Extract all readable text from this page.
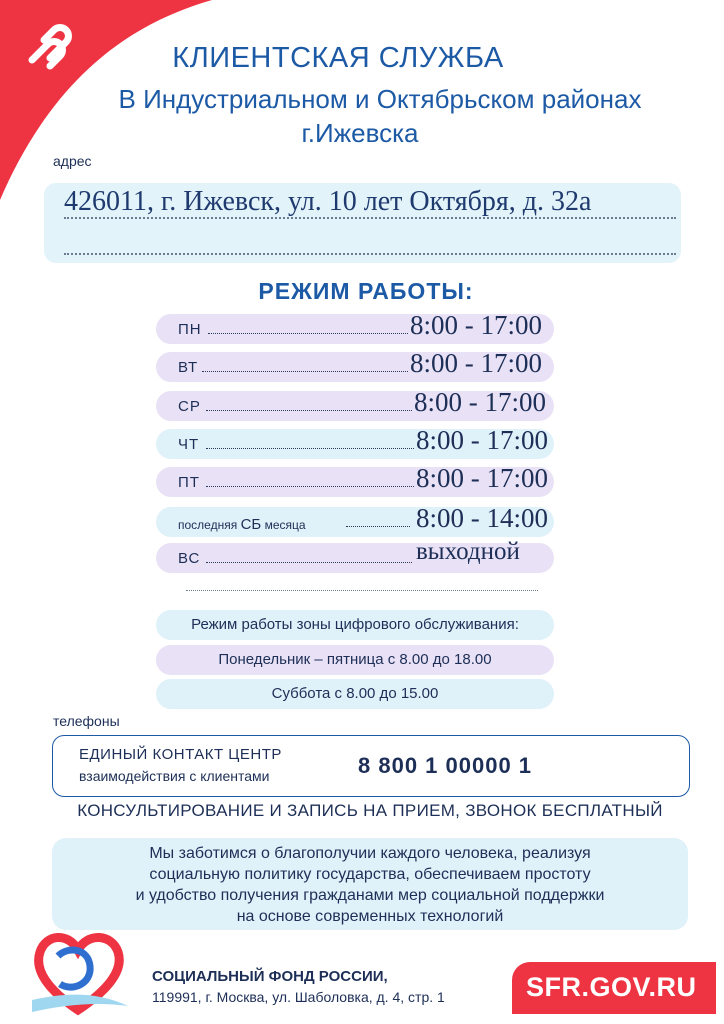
КЛИЕНТСКАЯ СЛУЖБА
В Индустриальном и Октябрьском районах
г.Ижевска
адрес
426011, г. Ижевск, ул. 10 лет Октября, д. 32а
РЕЖИМ РАБОТЫ:
ПН	8:00 - 17:00
ВТ	8:00 - 17:00
СР	8:00 - 17:00
ЧТ	8:00 - 17:00
ПТ	8:00 - 17:00
последняя СБ месяца	8:00 - 14:00
ВС	выходной
Режим работы зоны цифрового обслуживания:
Понедельник – пятница с 8.00 до 18.00
Суббота с 8.00 до 15.00
телефоны
ЕДИНЫЙ КОНТАКТ ЦЕНТР
взаимодействия с клиентами	8 800 1 00000 1
КОНСУЛЬТИРОВАНИЕ И ЗАПИСЬ НА ПРИЕМ, ЗВОНОК БЕСПЛАТНЫЙ
Мы заботимся о благополучии каждого человека, реализуя
социальную политику государства, обеспечиваем простоту
и удобство получения гражданами мер социальной поддержки
на основе современных технологий
СОЦИАЛЬНЫЙ ФОНД РОССИИ,
119991, г. Москва, ул. Шаболовка, д. 4, стр. 1	SFR.GOV.RU
